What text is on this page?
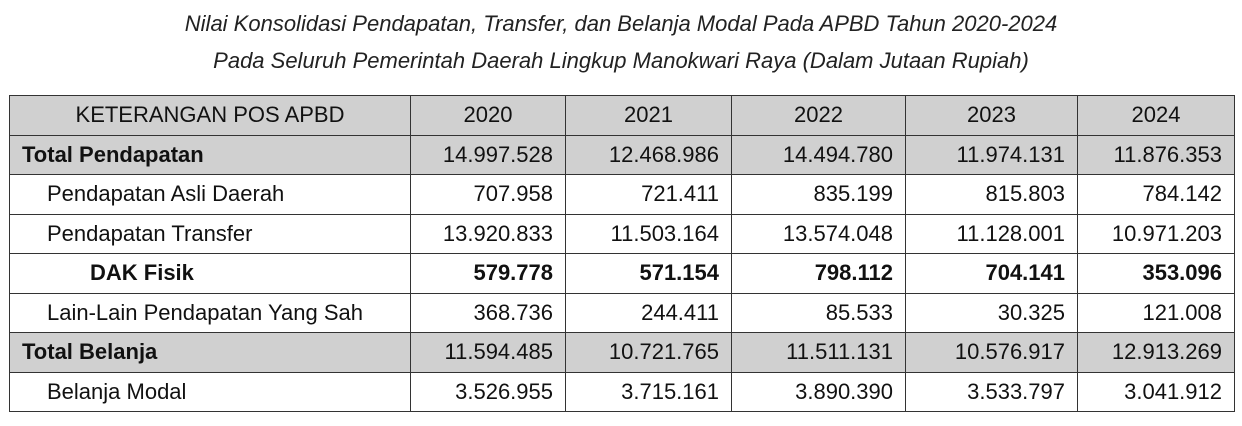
Nilai Konsolidasi Pendapatan, Transfer, dan Belanja Modal Pada APBD Tahun 2020-2024
Pada Seluruh Pemerintah Daerah Lingkup Manokwari Raya (Dalam Jutaan Rupiah)
KETERANGAN POS APBD	2020	2021	2022	2023	2024
Total Pendapatan	14.997.528	12.468.986	14.494.780	11.974.131	11.876.353
Pendapatan Asli Daerah	707.958	721.411	835.199	815.803	784.142
Pendapatan Transfer	13.920.833	11.503.164	13.574.048	11.128.001	10.971.203
DAK Fisik	579.778	571.154	798.112	704.141	353.096
Lain-Lain Pendapatan Yang Sah	368.736	244.411	85.533	30.325	121.008
Total Belanja	11.594.485	10.721.765	11.511.131	10.576.917	12.913.269
Belanja Modal	3.526.955	3.715.161	3.890.390	3.533.797	3.041.912
